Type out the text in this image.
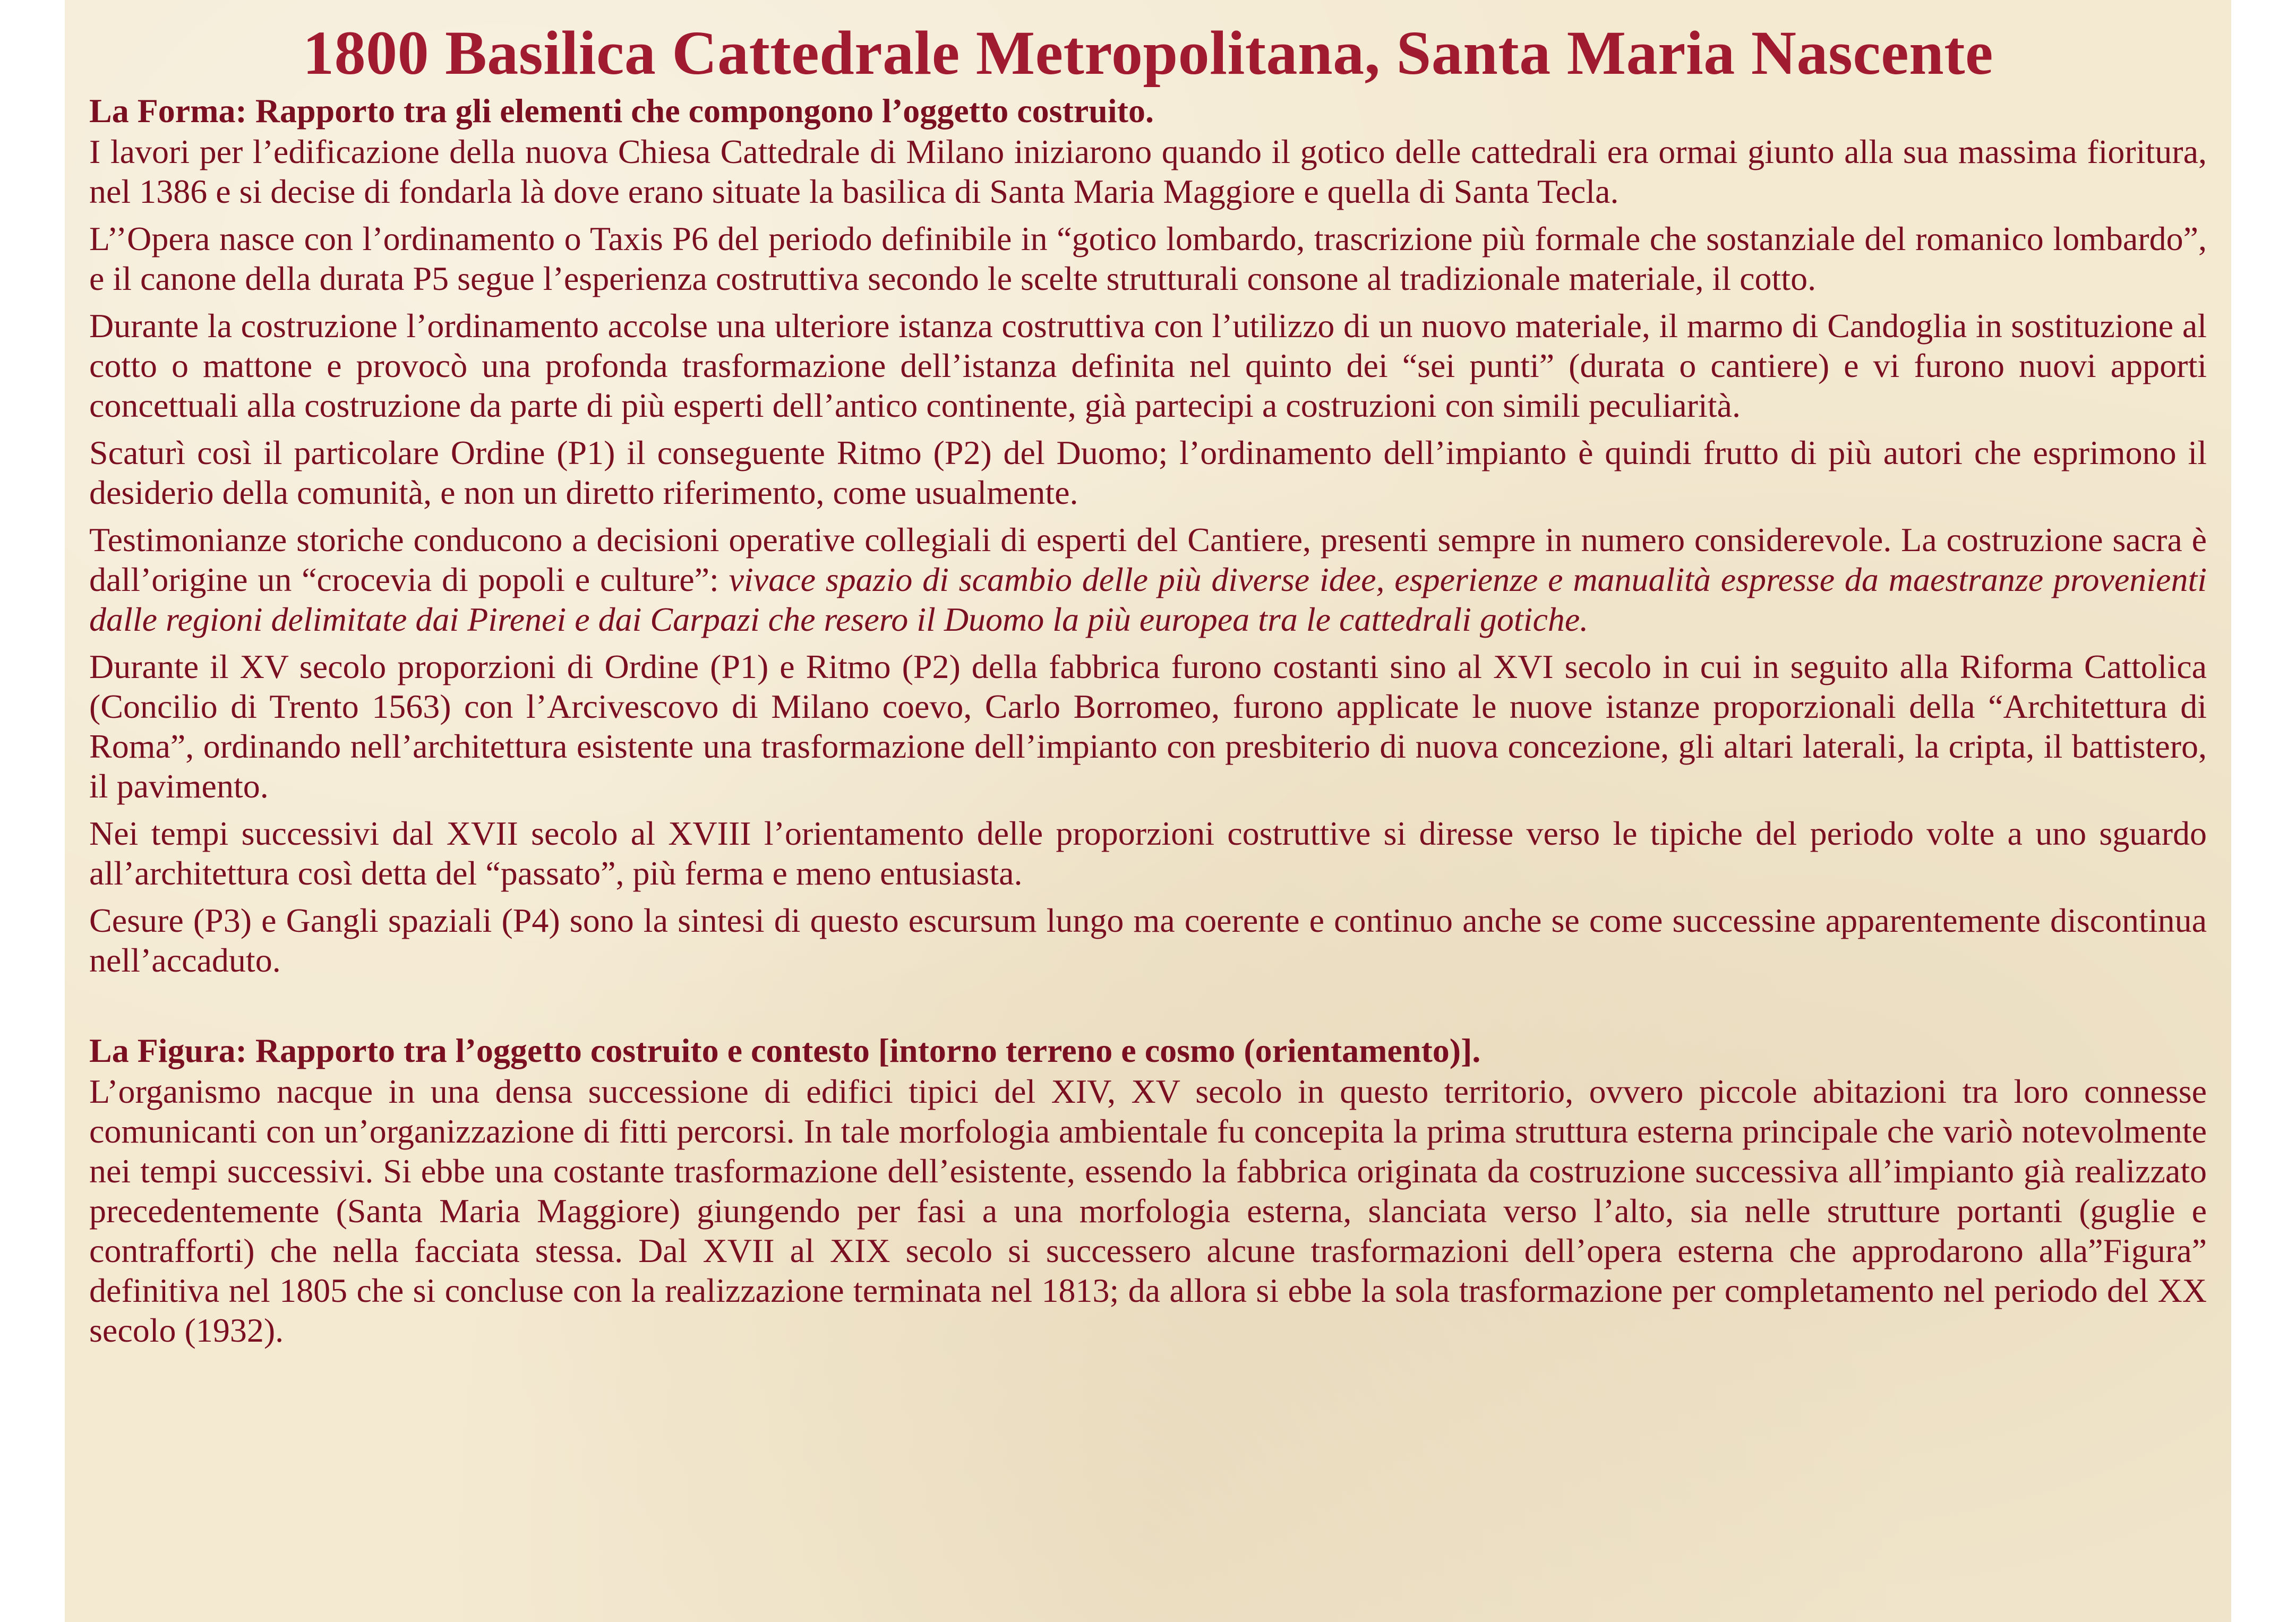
1800 Basilica Cattedrale Metropolitana, Santa Maria Nascente
La Forma: Rapporto tra gli elementi che compongono l’oggetto costruito.

I lavori per l’edificazione della nuova Chiesa Cattedrale di Milano iniziarono quando il gotico delle cattedrali era ormai giunto alla sua massima fioritura, nel 1386 e si decise di fondarla là dove erano situate la basilica di Santa Maria Maggiore e quella di Santa Tecla.

L’’Opera nasce con l’ordinamento o Taxis P6 del periodo definibile in “gotico lombardo, trascrizione più formale che sostanziale del romanico lombardo”, e il canone della durata P5 segue l’esperienza costruttiva secondo le scelte strutturali consone al tradizionale materiale, il cotto.

Durante la costruzione l’ordinamento accolse una ulteriore istanza costruttiva con l’utilizzo di un nuovo materiale, il marmo di Candoglia in sostituzione al cotto o mattone e provocò una profonda trasformazione dell’istanza definita nel quinto dei “sei punti” (durata o cantiere) e vi furono nuovi apporti concettuali alla costruzione da parte di più esperti dell’antico continente, già partecipi a costruzioni con simili peculiarità.

Scaturì così il particolare Ordine (P1) il conseguente Ritmo (P2) del Duomo; l’ordinamento dell’impianto è quindi frutto di più autori che esprimono il desiderio della comunità, e non un diretto riferimento, come usualmente.

Testimonianze storiche conducono a decisioni operative collegiali di esperti del Cantiere, presenti sempre in numero considerevole. La costruzione sacra è dall’origine un “crocevia di popoli e culture”: vivace spazio di scambio delle più diverse idee, esperienze e manualità espresse da maestranze provenienti dalle regioni delimitate dai Pirenei e dai Carpazi che resero il Duomo la più europea tra le cattedrali gotiche.

Durante il XV secolo proporzioni di Ordine (P1) e Ritmo (P2) della fabbrica furono costanti sino al XVI secolo in cui in seguito alla Riforma Cattolica (Concilio di Trento 1563) con l’Arcivescovo di Milano coevo, Carlo Borromeo, furono applicate le nuove istanze proporzionali della “Architettura di Roma”, ordinando nell’architettura esistente una trasformazione dell’impianto con presbiterio di nuova concezione, gli altari laterali, la cripta, il battistero, il pavimento.

Nei tempi successivi dal XVII secolo al XVIII l’orientamento delle proporzioni costruttive si diresse verso le tipiche del periodo volte a uno sguardo all’architettura così detta del “passato”, più ferma e meno entusiasta.

Cesure (P3) e Gangli spaziali (P4) sono la sintesi di questo escursum lungo ma coerente e continuo anche se come successine apparentemente discontinua nell’accaduto.

La Figura: Rapporto tra l’oggetto costruito e contesto [intorno terreno e cosmo (orientamento)].

L’organismo nacque in una densa successione di edifici tipici del XIV, XV secolo in questo territorio, ovvero piccole abitazioni tra loro connesse comunicanti con un’organizzazione di fitti percorsi. In tale morfologia ambientale fu concepita la prima struttura esterna principale che variò notevolmente nei tempi successivi. Si ebbe una costante trasformazione dell’esistente, essendo la fabbrica originata da costruzione successiva all’impianto già realizzato precedentemente (Santa Maria Maggiore) giungendo per fasi a una morfologia esterna, slanciata verso l’alto, sia nelle strutture portanti (guglie e contrafforti) che nella facciata stessa. Dal XVII al XIX secolo si successero alcune trasformazioni dell’opera esterna che approdarono alla”Figura” definitiva nel 1805 che si concluse con la realizzazione terminata nel 1813; da allora si ebbe la sola trasformazione per completamento nel periodo del XX secolo (1932).
